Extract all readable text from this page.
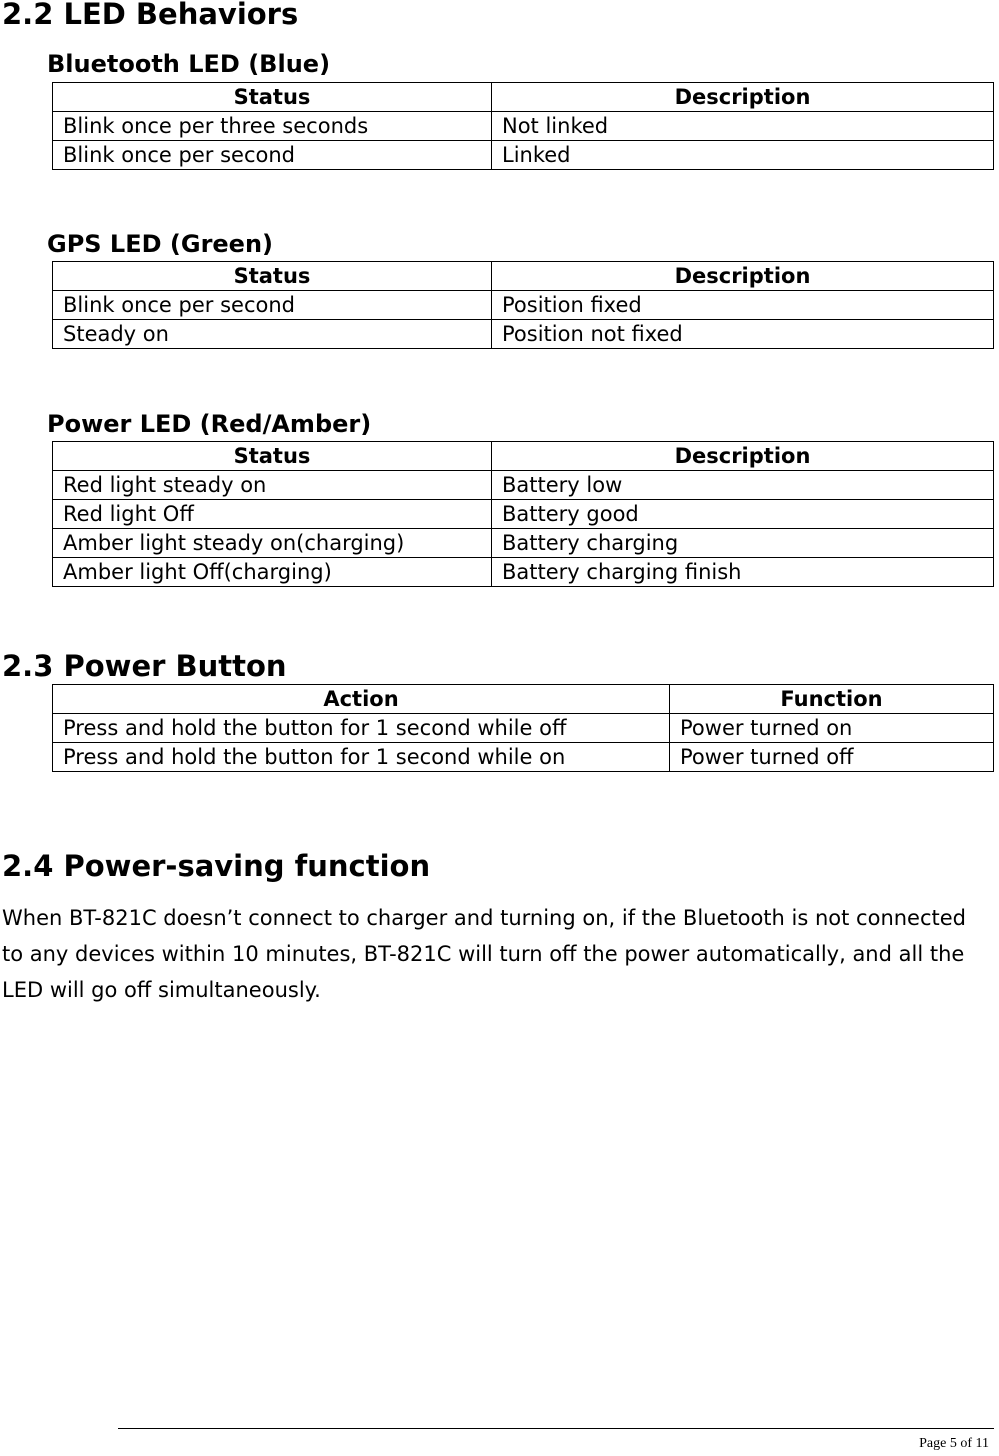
2.2 LED Behaviors
Bluetooth LED (Blue)
Status	Description
Blink once per three seconds	Not linked
Blink once per second	Linked
GPS LED (Green)
Status	Description
Blink once per second	Position fixed
Steady on	Position not fixed
Power LED (Red/Amber)
Status	Description
Red light steady on	Battery low
Red light Off	Battery good
Amber light steady on(charging)	Battery charging
Amber light Off(charging)	Battery charging finish
2.3 Power Button
Action	Function
Press and hold the button for 1 second while off	Power turned on
Press and hold the button for 1 second while on	Power turned off
2.4 Power-saving function

When BT-821C doesn’t connect to charger and turning on, if the Bluetooth is not connected to any devices within 10 minutes, BT-821C will turn off the power automatically, and all the LED will go off simultaneously.

Page 5 of 11
